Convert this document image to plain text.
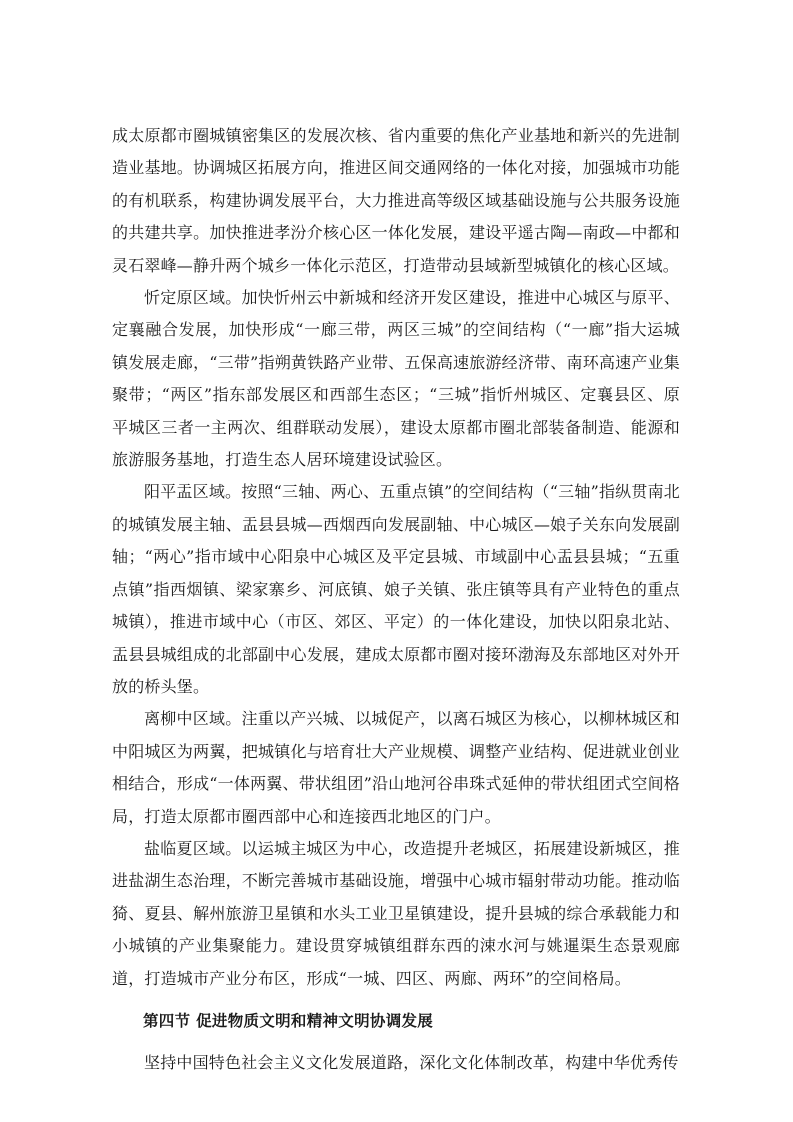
成太原都市圈城镇密集区的发展次核、省内重要的焦化产业基地和新兴的先进制造业基地。协调城区拓展方向，推进区间交通网络的一体化对接，加强城市功能的有机联系，构建协调发展平台，大力推进高等级区域基础设施与公共服务设施的共建共享。加快推进孝汾介核心区一体化发展，建设平遥古陶—南政—中都和灵石翠峰—静升两个城乡一体化示范区，打造带动县域新型城镇化的核心区域。

忻定原区域。加快忻州云中新城和经济开发区建设，推进中心城区与原平、定襄融合发展，加快形成“一廊三带，两区三城”的空间结构（“一廊”指大运城镇发展走廊，“三带”指朔黄铁路产业带、五保高速旅游经济带、南环高速产业集聚带；“两区”指东部发展区和西部生态区；“三城”指忻州城区、定襄县区、原平城区三者一主两次、组群联动发展），建设太原都市圈北部装备制造、能源和旅游服务基地，打造生态人居环境建设试验区。

阳平盂区域。按照“三轴、两心、五重点镇”的空间结构（“三轴”指纵贯南北的城镇发展主轴、盂县县城—西烟西向发展副轴、中心城区—娘子关东向发展副轴；“两心”指市域中心阳泉中心城区及平定县城、市域副中心盂县县城；“五重点镇”指西烟镇、梁家寨乡、河底镇、娘子关镇、张庄镇等具有产业特色的重点城镇），推进市域中心（市区、郊区、平定）的一体化建设，加快以阳泉北站、盂县县城组成的北部副中心发展，建成太原都市圈对接环渤海及东部地区对外开放的桥头堡。

离柳中区域。注重以产兴城、以城促产，以离石城区为核心，以柳林城区和中阳城区为两翼，把城镇化与培育壮大产业规模、调整产业结构、促进就业创业相结合，形成“一体两翼、带状组团”沿山地河谷串珠式延伸的带状组团式空间格局，打造太原都市圈西部中心和连接西北地区的门户。

盐临夏区域。以运城主城区为中心，改造提升老城区，拓展建设新城区，推进盐湖生态治理，不断完善城市基础设施，增强中心城市辐射带动功能。推动临猗、夏县、解州旅游卫星镇和水头工业卫星镇建设，提升县城的综合承载能力和小城镇的产业集聚能力。建设贯穿城镇组群东西的涑水河与姚暹渠生态景观廊道，打造城市产业分布区，形成“一城、四区、两廊、两环”的空间格局。

第四节 促进物质文明和精神文明协调发展

坚持中国特色社会主义文化发展道路，深化文化体制改革，构建中华优秀传
